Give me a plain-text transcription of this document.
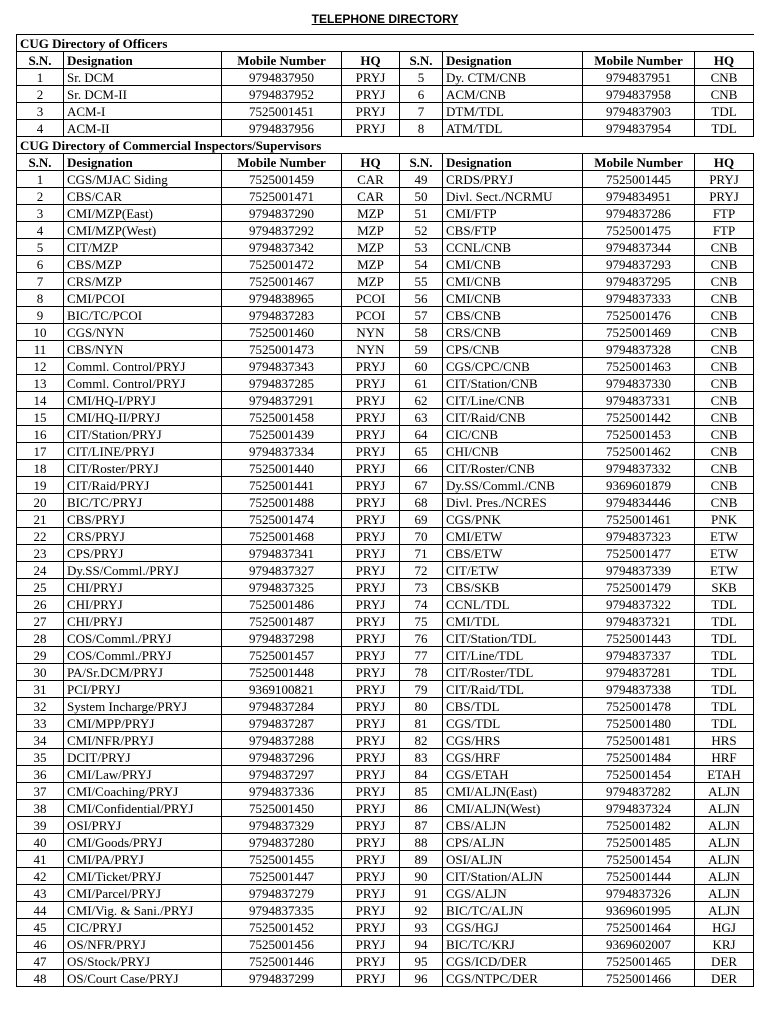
TELEPHONE DIRECTORY
CUG Directory of Officers							
S.N.	Designation	Mobile Number	HQ	S.N.	Designation	Mobile Number	HQ
1	Sr. DCM	9794837950	PRYJ	5	Dy. CTM/CNB	9794837951	CNB
2	Sr. DCM-II	9794837952	PRYJ	6	ACM/CNB	9794837958	CNB
3	ACM-I	7525001451	PRYJ	7	DTM/TDL	9794837903	TDL
4	ACM-II	9794837956	PRYJ	8	ATM/TDL	9794837954	TDL
CUG Directory of Commercial Inspectors/Supervisors							
S.N.	Designation	Mobile Number	HQ	S.N.	Designation	Mobile Number	HQ
1	CGS/MJAC Siding	7525001459	CAR	49	CRDS/PRYJ	7525001445	PRYJ
2	CBS/CAR	7525001471	CAR	50	Divl. Sect./NCRMU	9794834951	PRYJ
3	CMI/MZP(East)	9794837290	MZP	51	CMI/FTP	9794837286	FTP
4	CMI/MZP(West)	9794837292	MZP	52	CBS/FTP	7525001475	FTP
5	CIT/MZP	9794837342	MZP	53	CCNL/CNB	9794837344	CNB
6	CBS/MZP	7525001472	MZP	54	CMI/CNB	9794837293	CNB
7	CRS/MZP	7525001467	MZP	55	CMI/CNB	9794837295	CNB
8	CMI/PCOI	9794838965	PCOI	56	CMI/CNB	9794837333	CNB
9	BIC/TC/PCOI	9794837283	PCOI	57	CBS/CNB	7525001476	CNB
10	CGS/NYN	7525001460	NYN	58	CRS/CNB	7525001469	CNB
11	CBS/NYN	7525001473	NYN	59	CPS/CNB	9794837328	CNB
12	Comml. Control/PRYJ	9794837343	PRYJ	60	CGS/CPC/CNB	7525001463	CNB
13	Comml. Control/PRYJ	9794837285	PRYJ	61	CIT/Station/CNB	9794837330	CNB
14	CMI/HQ-I/PRYJ	9794837291	PRYJ	62	CIT/Line/CNB	9794837331	CNB
15	CMI/HQ-II/PRYJ	7525001458	PRYJ	63	CIT/Raid/CNB	7525001442	CNB
16	CIT/Station/PRYJ	7525001439	PRYJ	64	CIC/CNB	7525001453	CNB
17	CIT/LINE/PRYJ	9794837334	PRYJ	65	CHI/CNB	7525001462	CNB
18	CIT/Roster/PRYJ	7525001440	PRYJ	66	CIT/Roster/CNB	9794837332	CNB
19	CIT/Raid/PRYJ	7525001441	PRYJ	67	Dy.SS/Comml./CNB	9369601879	CNB
20	BIC/TC/PRYJ	7525001488	PRYJ	68	Divl. Pres./NCRES	9794834446	CNB
21	CBS/PRYJ	7525001474	PRYJ	69	CGS/PNK	7525001461	PNK
22	CRS/PRYJ	7525001468	PRYJ	70	CMI/ETW	9794837323	ETW
23	CPS/PRYJ	9794837341	PRYJ	71	CBS/ETW	7525001477	ETW
24	Dy.SS/Comml./PRYJ	9794837327	PRYJ	72	CIT/ETW	9794837339	ETW
25	CHI/PRYJ	9794837325	PRYJ	73	CBS/SKB	7525001479	SKB
26	CHI/PRYJ	7525001486	PRYJ	74	CCNL/TDL	9794837322	TDL
27	CHI/PRYJ	7525001487	PRYJ	75	CMI/TDL	9794837321	TDL
28	COS/Comml./PRYJ	9794837298	PRYJ	76	CIT/Station/TDL	7525001443	TDL
29	COS/Comml./PRYJ	7525001457	PRYJ	77	CIT/Line/TDL	9794837337	TDL
30	PA/Sr.DCM/PRYJ	7525001448	PRYJ	78	CIT/Roster/TDL	9794837281	TDL
31	PCI/PRYJ	9369100821	PRYJ	79	CIT/Raid/TDL	9794837338	TDL
32	System Incharge/PRYJ	9794837284	PRYJ	80	CBS/TDL	7525001478	TDL
33	CMI/MPP/PRYJ	9794837287	PRYJ	81	CGS/TDL	7525001480	TDL
34	CMI/NFR/PRYJ	9794837288	PRYJ	82	CGS/HRS	7525001481	HRS
35	DCIT/PRYJ	9794837296	PRYJ	83	CGS/HRF	7525001484	HRF
36	CMI/Law/PRYJ	9794837297	PRYJ	84	CGS/ETAH	7525001454	ETAH
37	CMI/Coaching/PRYJ	9794837336	PRYJ	85	CMI/ALJN(East)	9794837282	ALJN
38	CMI/Confidential/PRYJ	7525001450	PRYJ	86	CMI/ALJN(West)	9794837324	ALJN
39	OSI/PRYJ	9794837329	PRYJ	87	CBS/ALJN	7525001482	ALJN
40	CMI/Goods/PRYJ	9794837280	PRYJ	88	CPS/ALJN	7525001485	ALJN
41	CMI/PA/PRYJ	7525001455	PRYJ	89	OSI/ALJN	7525001454	ALJN
42	CMI/Ticket/PRYJ	7525001447	PRYJ	90	CIT/Station/ALJN	7525001444	ALJN
43	CMI/Parcel/PRYJ	9794837279	PRYJ	91	CGS/ALJN	9794837326	ALJN
44	CMI/Vig. & Sani./PRYJ	9794837335	PRYJ	92	BIC/TC/ALJN	9369601995	ALJN
45	CIC/PRYJ	7525001452	PRYJ	93	CGS/HGJ	7525001464	HGJ
46	OS/NFR/PRYJ	7525001456	PRYJ	94	BIC/TC/KRJ	9369602007	KRJ
47	OS/Stock/PRYJ	7525001446	PRYJ	95	CGS/ICD/DER	7525001465	DER
48	OS/Court Case/PRYJ	9794837299	PRYJ	96	CGS/NTPC/DER	7525001466	DER
